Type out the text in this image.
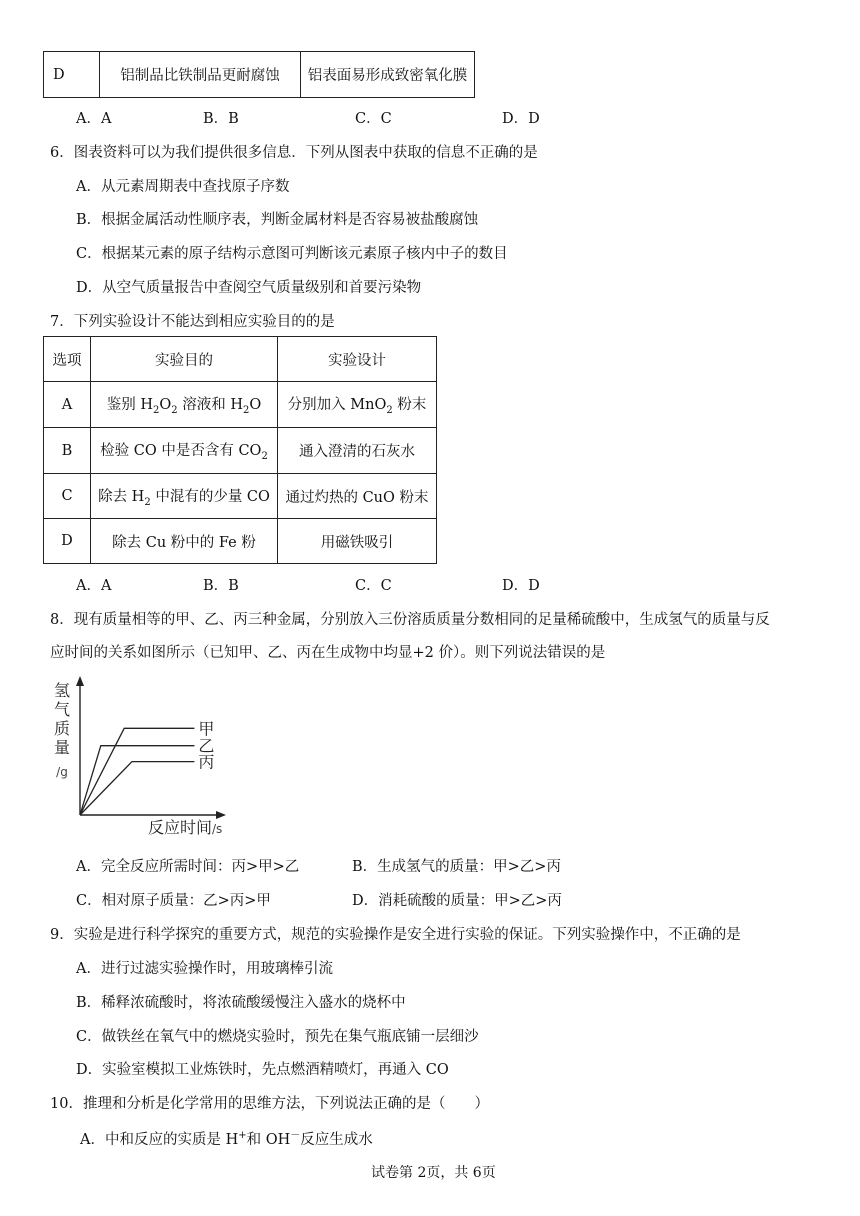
D	铝制品比铁制品更耐腐蚀	铝表面易形成致密氧化膜
A．A	B．B	C．C	D．D
6．图表资料可以为我们提供很多信息．下列从图表中获取的信息不正确的是
A．从元素周期表中查找原子序数
B．根据金属活动性顺序表，判断金属材料是否容易被盐酸腐蚀
C．根据某元素的原子结构示意图可判断该元素原子核内中子的数目
D．从空气质量报告中查阅空气质量级别和首要污染物
7．下列实验设计不能达到相应实验目的的是
选项	实验目的	实验设计
A	鉴别 $H_2O_2$ 溶液和 $H_2O$	分别加入 MnO$_2$ 粉末
B	检验 CO 中是否含有 $CO_2$	通入澄清的石灰水
C	除去 $H_2$ 中混有的少量 CO	通过灼热的 CuO 粉末
D	除去 Cu 粉中的 Fe 粉	用磁铁吸引
A．A	B．B	C．C	D．D
8．现有质量相等的甲、乙、丙三种金属，分别放入三份溶质质量分数相同的足量稀硫酸中，生成氢气的质量与反
应时间的关系如图所示（已知甲、乙、丙在生成物中均显+2 价）。则下列说法错误的是
氢
气
质
量
/g
反应时间 /s
甲
乙
丙
A．完全反应所需时间：丙>甲>乙	B．生成氢气的质量：甲>乙>丙
C．相对原子质量：乙>丙>甲	D．消耗硫酸的质量：甲>乙>丙
9．实验是进行科学探究的重要方式，规范的实验操作是安全进行实验的保证。下列实验操作中，不正确的是
A．进行过滤实验操作时，用玻璃棒引流
B．稀释浓硫酸时，将浓硫酸缓慢注入盛水的烧杯中
C．做铁丝在氧气中的燃烧实验时，预先在集气瓶底铺一层细沙
D．实验室模拟工业炼铁时，先点燃酒精喷灯，再通入 CO
10．推理和分析是化学常用的思维方法，下列说法正确的是（　　）
A．中和反应的实质是 H+和 OH－反应生成水
试卷第 2页，共 6页
